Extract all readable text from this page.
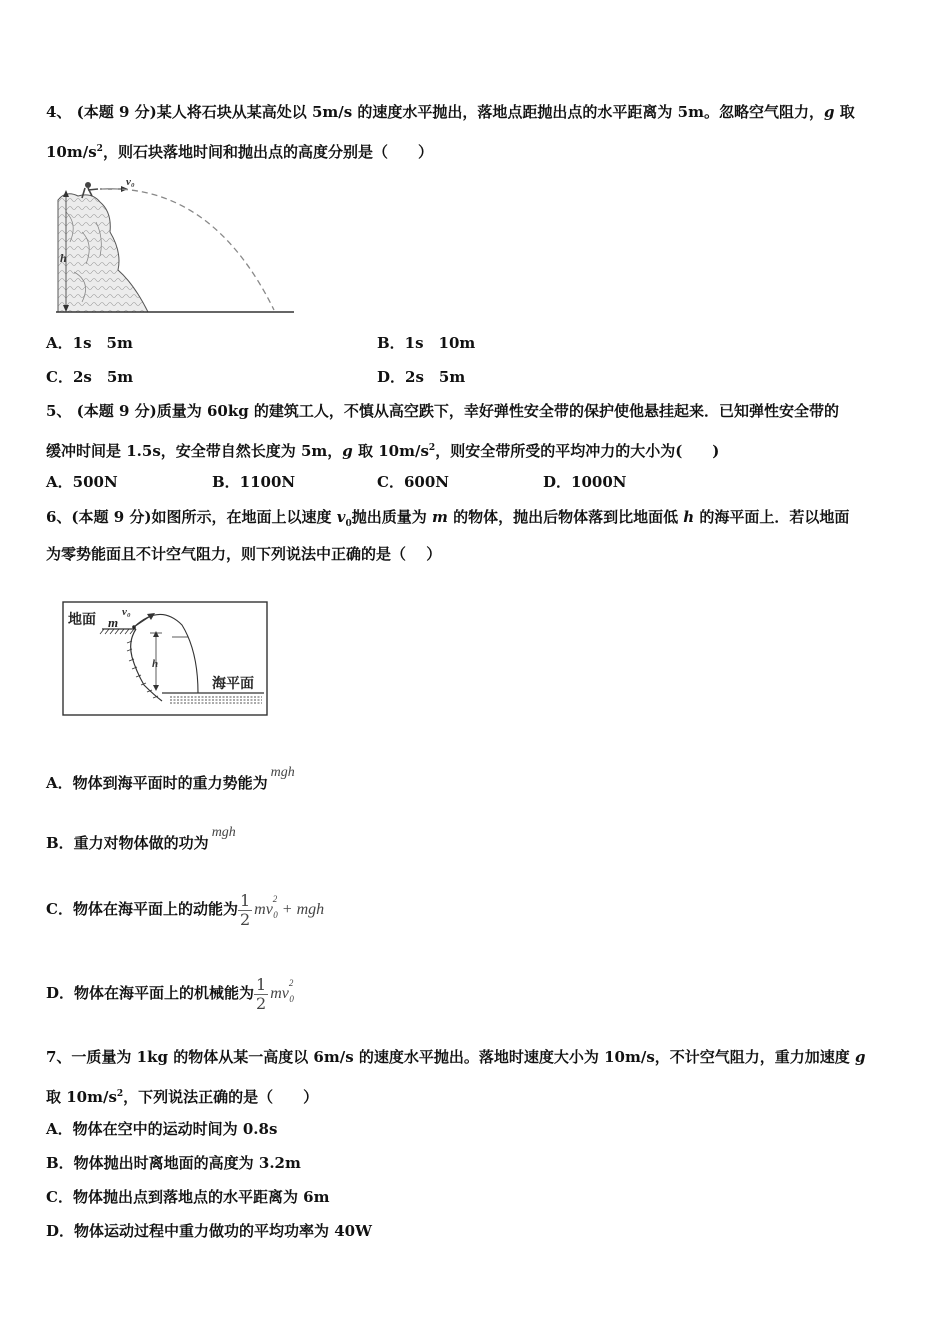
4、 (本题 9 分)某人将石块从某高处以 5m/s 的速度水平抛出，落地点距抛出点的水平距离为 5m。忽略空气阻力，g 取
$10m/s^2$，则石块落地时间和抛出点的高度分别是（　　）
h
v₀
A．1s　5m	B．1s　10m
C．2s　5m	D．2s　5m
5、 (本题 9 分)质量为 60kg 的建筑工人，不慎从高空跌下，幸好弹性安全带的保护使他悬挂起来．已知弹性安全带的
缓冲时间是 1.5s，安全带自然长度为 5m，g 取 $10m/s^2$，则安全带所受的平均冲力的大小为(　　)
A．500N	B．1100N	C．600N	D．1000N
6、(本题 9 分)如图所示，在地面上以速度 $v_0$抛出质量为 m 的物体，抛出后物体落到比地面低 h 的海平面上．若以地面
为零势能面且不计空气阻力，则下列说法中正确的是（　 ）
地面 m
v₀
h
海平面
A．物体到海平面时的重力势能为mgh
B．重力对物体做的功为mgh
C．物体在海平面上的动能为 $\frac{1}{2} mv^2_0$ + mgh
D．物体在海平面上的机械能为 $\frac{1}{2} mv^2_0$
7、一质量为 1kg 的物体从某一高度以 6m/s 的速度水平抛出。落地时速度大小为 10m/s，不计空气阻力，重力加速度 g
取 $10m/s^2$，下列说法正确的是（　　）
A．物体在空中的运动时间为 0.8s
B．物体抛出时离地面的高度为 3.2m
C．物体抛出点到落地点的水平距离为 6m
D．物体运动过程中重力做功的平均功率为 40W
